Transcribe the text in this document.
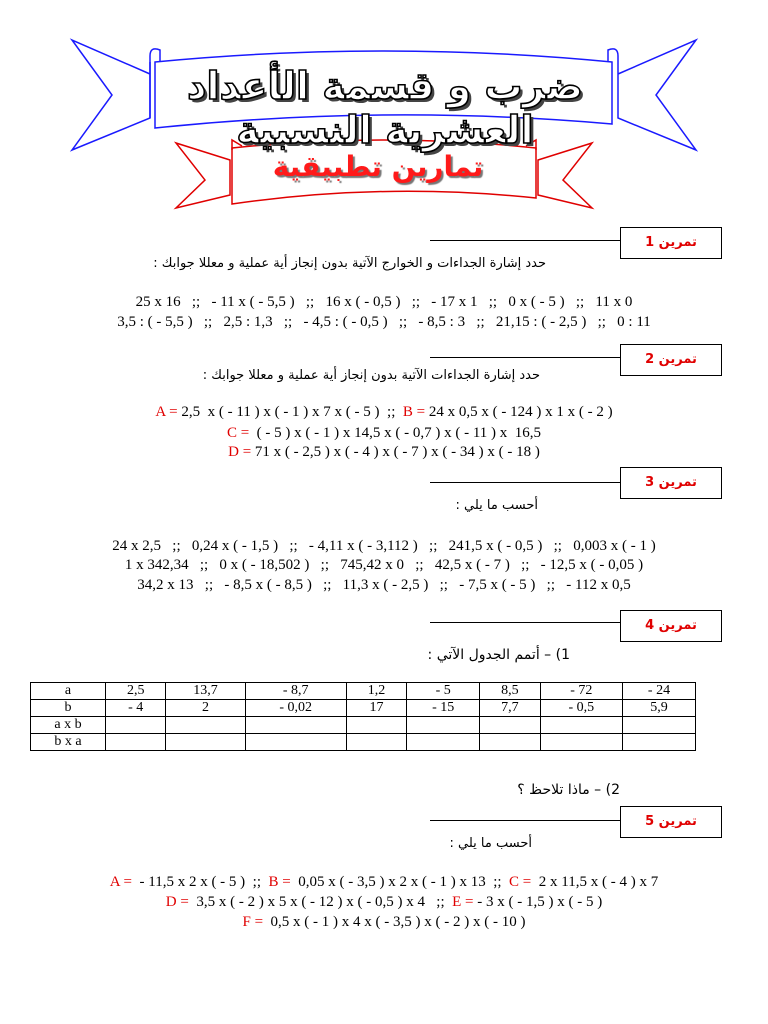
ضرب و قسمة الأعداد العشرية النسبية
تمارين تطبيقية
تمرين 1
حدد إشارة الجداءات و الخوارج الآتية بدون إنجاز أية عملية و معللا جوابك :
25 x 16   ;;   - 11 x ( - 5,5 )   ;;   16 x ( - 0,5 )   ;;   - 17 x 1   ;;   0 x ( - 5 )   ;;   11 x 0
3,5 : ( - 5,5 )   ;;   2,5 : 1,3   ;;   - 4,5 : ( - 0,5 )   ;;   - 8,5 : 3   ;;   21,15 : ( - 2,5 )   ;;   0 : 11
تمرين 2
حدد إشارة الجداءات الآتية بدون إنجاز أية عملية و معللا جوابك :
A = 2,5  x ( - 11 ) x ( - 1 ) x 7 x ( - 5 )  ;;  B = 24 x 0,5 x ( - 124 ) x 1 x ( - 2 )
C =  ( - 5 ) x ( - 1 ) x 14,5 x ( - 0,7 ) x ( - 11 ) x  16,5
D = 71 x ( - 2,5 ) x ( - 4 ) x ( - 7 ) x ( - 34 ) x ( - 18 )
تمرين 3
أحسب ما يلي :
24 x 2,5   ;;   0,24 x ( - 1,5 )   ;;   - 4,11 x ( - 3,112 )   ;;   241,5 x ( - 0,5 )   ;;   0,003 x ( - 1 )
1 x 342,34   ;;   0 x ( - 18,502 )   ;;   745,42 x 0   ;;   42,5 x ( - 7 )   ;;   - 12,5 x ( - 0,05 )
34,2 x 13   ;;   - 8,5 x ( - 8,5 )   ;;   11,3 x ( - 2,5 )   ;;   - 7,5 x ( - 5 )   ;;   - 112 x 0,5
تمرين 4
1) – أتمم الجدول الآتي :
a	2,5	13,7	- 8,7	1,2	- 5	8,5	- 72	- 24
b	- 4	2	- 0,02	17	- 15	7,7	- 0,5	5,9
a x b								
b x a								
2) – ماذا تلاحظ ؟
تمرين 5
أحسب ما يلي :
A =  - 11,5 x 2 x ( - 5 )  ;;  B =  0,05 x ( - 3,5 ) x 2 x ( - 1 ) x 13  ;;  C =  2 x 11,5 x ( - 4 ) x 7
D =  3,5 x ( - 2 ) x 5 x ( - 12 ) x ( - 0,5 ) x 4   ;;  E = - 3 x ( - 1,5 ) x ( - 5 )
F =  0,5 x ( - 1 ) x 4 x ( - 3,5 ) x ( - 2 ) x ( - 10 )
